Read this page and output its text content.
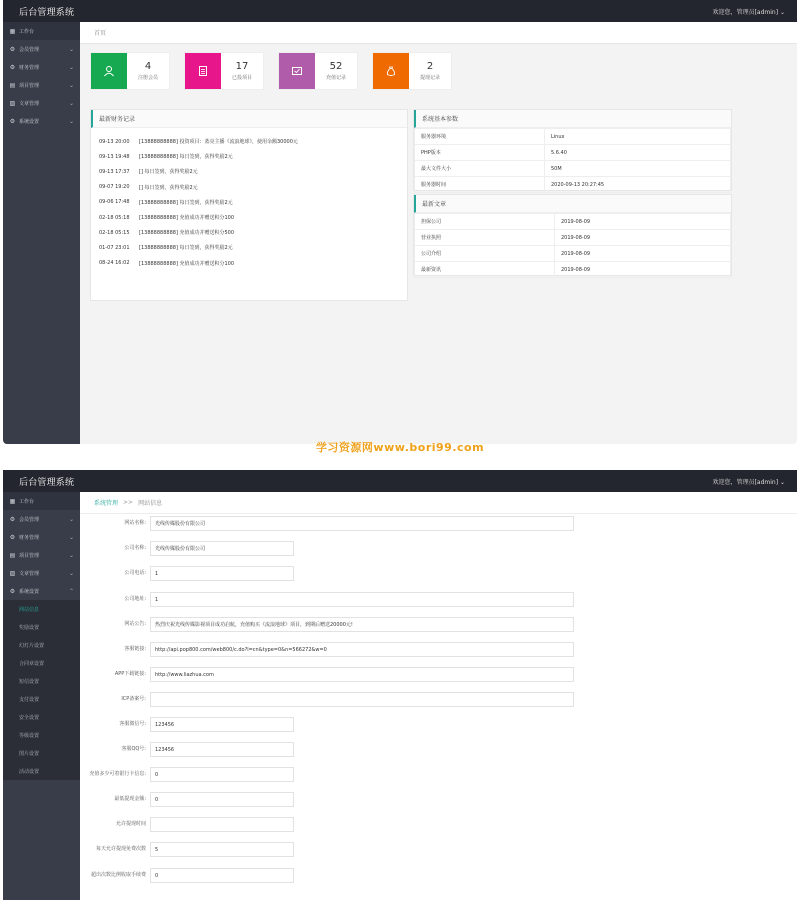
后台管理系统	欢迎您，管理员[admin] ⌄
▦ 工作台
⚙ 会员管理	⌄
⚙ 财务管理	⌄
▤ 项目管理	⌄
▧ 文章管理	⌄
⚙ 系统设置	⌄
首页
4
注册会员
17
已投项目
52
充值记录
2
提现记录
最新财务记录
09-13 20:00	[13888888888] 投资项目：蓝亮主播《流浪地球》，使用余额30000元
09-13 19:48	[13888888888] 每日签到，获得奖励2元
09-13 17:37	[] 每日签到，获得奖励2元
09-07 19:20	[] 每日签到，获得奖励2元
09-06 17:48	[13888888888] 每日签到，获得奖励2元
02-18 05:18	[13888888888] 充值成功并赠送积分100
02-18 05:15	[13888888888] 充值成功并赠送积分500
01-07 23:01	[13888888888] 每日签到，获得奖励2元
08-24 16:02	[13888888888] 充值成功并赠送积分100
系统基本参数
服务器环境	Linux
PHP版本	5.6.40
最大文件大小	50M
服务器时间	2020-09-13 20:27:45
最新文章
担保公司	2019-08-09
营业执照	2019-08-09
公司介绍	2019-08-09
最新资讯	2019-08-09
学习资源网www.bori99.com
后台管理系统	欢迎您，管理员[admin] ⌄
▦ 工作台
⚙ 会员管理	⌄
⚙ 财务管理	⌄
▤ 项目管理	⌄
▧ 文章管理	⌄
⚙ 系统设置	⌃
网站信息
奖励设置
幻灯片设置
合同章设置
短信设置
支付设置
安全设置
等级设置
图片设置
活动设置
系统管理 >> 网站信息
网站名称:	光线传媒股份有限公司
公司名称:	光线传媒股份有限公司
公司电话:	1
公司地址:	1
网站公告:	热烈庆祝光线传媒影视项目成功启航，充值购买《流浪地球》项目，到期后赠送20000元!
客服链接:	http://api.pop800.com/web800/c.do?l=cn&type=0&n=566272&w=0
APP下载链接:	http://www.liazhua.com
ICP备案号:
客服微信号:	123456
客服QQ号:	123456
充值多少可着银行卡信息:	0
最低提现金额:	0
允许提现时间
每天允许提现免费次数	5
超出次数比例收取手续费	0
